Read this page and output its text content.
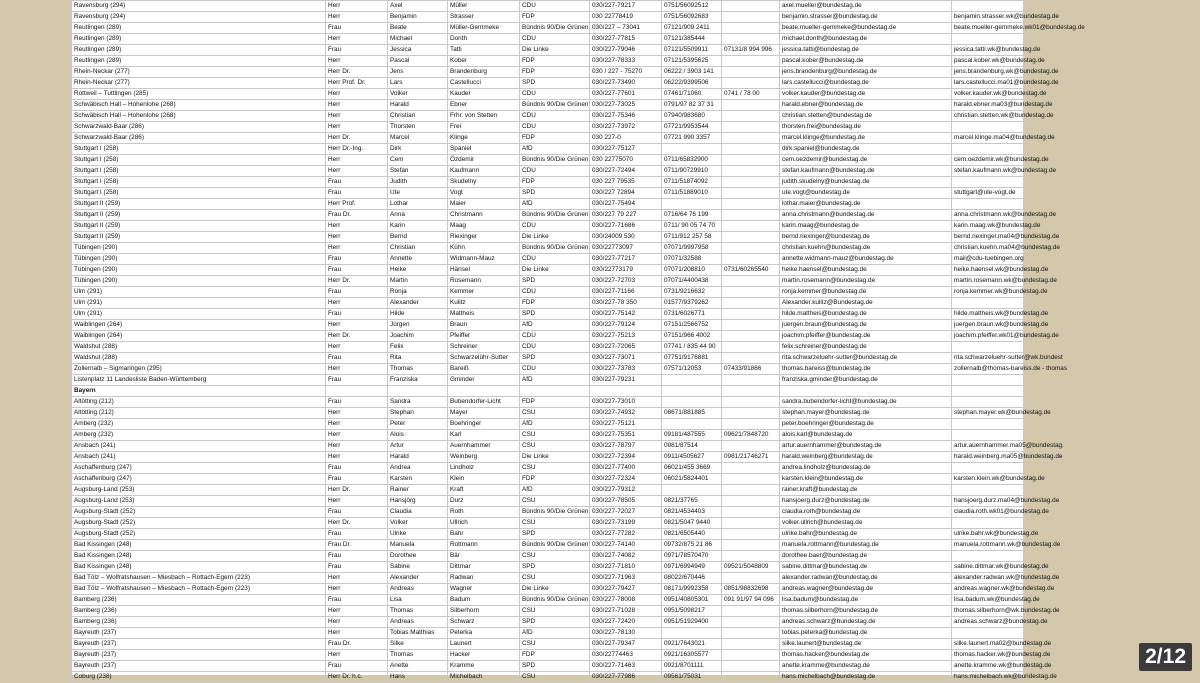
Ravensburg (294)	Herr	Axel	Müller	CDU	030/227-79217	0751/56092512		axel.mueller@bundestag.de	
Ravensburg (294)	Herr	Benjamin	Strasser	FDP	030 22778419	0751/56092683		benjamin.strasser@bundestag.de	benjamin.strasser.wk@bundestag.de
Reutlingen (289)	Frau	Beate	Müller-Gemmeke	Bündnis 90/Die Grünen	030/227 – 73041	07121/909 2411		beate.mueller-gemmeke@bundestag.de	beate.mueller-gemmeke.wk01@bundestag.de
Reutlingen (289)	Herr	Michael	Donth	CDU	030/227-77815	07121/385444		michael.donth@bundestag.de	
Reutlingen (289)	Frau	Jessica	Tatti	Die Linke	030/227-79046	07121/5509911	07131/8 994 996	jessica.tatti@bundestag.de	jessica.tatti.wk@bundestag.de
Reutlingen (289)	Herr	Pascal	Kober	FDP	030/227-78333	07121/5395625		pascal.kober@bundestag.de	pascal.kober.wk@bundestag.de
Rhein-Neckar (277)	Herr Dr.	Jens	Brandenburg	FDP	030 / 227 - 75270	06222 / 3903 141		jens.brandenburg@bundestag.de	jens.brandenburg.wk@bundestag.de
Rhein-Neckar (277)	Herr Prof. Dr.	Lars	Castellucci	SPD	030/227-73490	06222/9399506		lars.castellucci@bundestag.de	lars.castellucci.ma01@bundestag.de
Rottweil – Tuttlingen (285)	Herr	Volker	Kauder	CDU	030/227-77601	07461/71060	0741 / 78 00	volker.kauder@bundestag.de	volker.kauder.wk@bundestag.de
Schwäbisch Hall – Hohenlohe (268)	Herr	Harald	Ebner	Bündnis 90/Die Grünen	030/227-73025	0791/97 82 37 31		harald.ebner@bundestag.de	harald.ebner.ma03@bundestag.de
Schwäbisch Hall – Hohenlohe (268)	Herr	Christian	Frhr. von Stetten	CDU	030/227-75346	07940/983680		christian.stetten@bundestag.de	christian.stetten.wk@bundestag.de
Schwarzwald-Baar (286)	Herr	Thorsten	Frei	CDU	030/227-73972	07721/9953544		thorsten.frei@bundestag.de	
Schwarzwald-Baar (286)	Herr Dr.	Marcel	Klinge	FDP	030 227-0	07721 990 3357		marcel.klinge@bundestag.de	marcel.klinge.ma04@bundestag.de
Stuttgart I (258)	Herr Dr.-Ing.	Dirk	Spaniel	AfD	030/227-75127			dirk.spaniel@bundestag.de	
Stuttgart I (258)	Herr	Cem	Özdemir	Bündnis 90/Die Grünen	030 22775070	0711/65832900		cem.oezdemir@bundestag.de	cem.oezdemir.wk@bundestag.de
Stuttgart I (258)	Herr	Stefan	Kaufmann	CDU	030/227-72494	0711/90729910		stefan.kaufmann@bundestag.de	stefan.kaufmann.wk@bundestag.de
Stuttgart I (258)	Frau	Judith	Skudelny	FDP	030 227 79535	0711/51874092		judith.skudelny@bundestag.de	
Stuttgart I (258)	Frau	Ute	Vogt	SPD	030/227 72894	0711/51889010		ute.vogt@bundestag.de	stuttgart@ute-vogt.de
Stuttgart II (259)	Herr Prof.	Lothar	Maier	AfD	030/227-75494			lothar.maier@bundestag.de	
Stuttgart II (259)	Frau Dr.	Anna	Christmann	Bündnis 90/Die Grünen	030/227 79 227	0716/64 76 199		anna.christmann@bundestag.de	anna.christmann.wk@bundestag.de
Stuttgart II (259)	Herr	Karin	Maag	CDU	030/227-71686	0711/ 90 05 74 70		karin.maag@bundestag.de	karin.maag.wk@bundestag.de
Stuttgart II (259)	Herr	Bernd	Riexinger	Die Linke	030/24009 530	0711/912 257 58		bernd.riexinger@bundestag.de	bernd.riexinger.ma04@bundestag.de
Tübingen (290)	Herr	Christian	Kühn	Bündnis 90/Die Grünen	030/22773097	07071/9997958		christian.kuehn@bundestag.de	christian.kuehn.ma04@bundestag.de
Tübingen (290)	Frau	Annette	Widmann-Mauz	CDU	030/227-77217	07071/32588		annette.widmann-mauz@bundestag.de	mail@cdu-tuebingen.org
Tübingen (290)	Frau	Heike	Hänsel	Die Linke	030/22773179	07071/208810	0731/60265540	heike.haensel@bundestag.de	heike.haensel.wk@bundestag.de
Tübingen (290)	Herr Dr.	Martin	Rosemann	SPD	030/227-72703	07071/4400438		martin.rosemann@bundestag.de	martin.rosemann.wk@bundestag.de
Ulm (291)	Frau	Ronja	Kemmer	CDU	030/227-71166	0731/9216632		ronja.kemmer@bundestag.de	ronja.kemmer.wk@bundestag.de
Ulm (291)	Herr	Alexander	Kulitz	FDP	030/227-78 350	01577/9379262		Alexander.kulitz@Bundestag.de	
Ulm (291)	Frau	Hilde	Mattheis	SPD	030/227-75142	0731/6026771		hilde.mattheis@bundestag.de	hilde.mattheis.wk@bundestag.de
Waiblingen (264)	Herr	Jürgen	Braun	AfD	030/227-79124	07151/2566752		juergen.braun@bundestag.de	juergen.braun.wk@bundestag.de
Waiblingen (264)	Herr Dr.	Joachim	Pfeiffer	CDU	030/227-75213	07151/966 4002		joachim.pfeiffer@bundestag.de	joachim.pfeiffer.wk01@bundestag.de
Waldshut (288)	Herr	Felix	Schreiner	CDU	030/227-72065	07741 / 835 44 90		felix.schreiner@bundestag.de	
Waldshut (288)	Frau	Rita	Schwarzelühr-Sutter	SPD	030/227-73071	07751/9176881		rita.schwarzeluehr-sutter@bundestag.de	rita.schwarzeluehr-sutter@wk.bundest
Zollernalb – Sigmaringen (295)	Herr	Thomas	Bareiß	CDU	030/227-73783	07571/12053	07433/91866	thomas.bareiss@bundestag.de	zollernalb@thomas-bareiss.de - thomas
Listenplatz 11 Landesliste Baden-Württemberg	Frau	Franziska	Gminder	AfD	030/227-79231			franziska.gminder@bundestag.de	
Bayern									
Altötting (212)	Frau	Sandra	Bubendorfer-Licht	FDP	030/227-73010			sandra.bubendorfer-licht@bundestag.de	
Altötting (212)	Herr	Stephan	Mayer	CSU	030/227-74932	08671/881885		stephan.mayer@bundestag.de	stephan.mayer.wk@bundestag.de
Amberg (232)	Herr	Peter	Boehringer	AfD	030/227-75121			peter.boehringer@bundestag.de	
Amberg (232)	Herr	Alois	Karl	CSU	030/227-75351	09181/487555	09621/7848720	alois.karl@bundestag.de	
Ansbach (241)	Herr	Artur	Auernhammer	CSU	030/227-78797	0981/87514		artur.auernhammer@bundestag.de	artur.auernhammer.ma05@bundestag.
Ansbach (241)	Herr	Harald	Weinberg	Die Linke	030/227-72394	0911/4505627	0981/21746271	harald.weinberg@bundestag.de	harald.weinberg.ma05@bundestag.de
Aschaffenburg (247)	Frau	Andrea	Lindholz	CSU	030/227-77400	06021/455 3669		andrea.lindholz@bundestag.de	
Aschaffenburg (247)	Frau	Karsten	Klein	FDP	030/227-72324	06021/5824401		karsten.klein@bundestag.de	karsten.klein.wk@bundestag.de
Augsburg-Land (253)	Herr Dr.	Rainer	Kraft	AfD	030/227-79312			rainer.kraft@bundestag.de	
Augsburg-Land (253)	Herr	Hansjörg	Durz	CSU	030/227-78505	0821/37765		hansjoerg.durz@bundestag.de	hansjoerg.durz.ma04@bundestag.de
Augsburg-Stadt (252)	Frau	Claudia	Roth	Bündnis 90/Die Grünen	030/227-72027	0821/4534403		claudia.roth@bundestag.de	claudia.roth.wk01@bundestag.de
Augsburg-Stadt (252)	Herr Dr.	Volker	Ullrich	CSU	030/227-73199	0821/5047 9440		volker.ullrich@bundestag.de	
Augsburg-Stadt (252)	Frau	Ulrike	Bahr	SPD	030/227-77282	0821/6505440		ulrike.bahr@bundestag.de	ulrike.bahr.wk@bundestag.de
Bad Kissingen (248)	Frau Dr.	Manuela	Rottmann	Bündnis 90/Die Grünen	030/227-74140	09732/875 21 86		manuela.rottmann@bundestag.de	manuela.rottmann.wk@bundestag.de
Bad Kissingen (248)	Frau	Dorothee	Bär	CSU	030/227-74082	0971/78570470		dorothee.baer@bundestag.de	
Bad Kissingen (248)	Frau	Sabine	Dittmar	SPD	030/227-71810	0971/6994949	09521/5048809	sabine.dittmar@bundestag.de	sabine.dittmar.wk@bundestag.de
Bad Tölz – Wolfratshausen – Miesbach – Rottach-Egern (223)	Herr	Alexander	Radwan	CSU	030/227-71963	08022/670446		alexander.radwan@bundestag.de	alexander.radwan.wk@bundestag.de
Bad Tölz – Wolfratshausen – Miesbach – Rottach-Egern (223)	Herr	Andreas	Wagner	Die Linke	030/227-79427	08171/9992358	0851/98832698	andreas.wagner@bundestag.de	andreas.wagner.wk@bundestag.de
Bamberg (236)	Frau	Lisa	Badum	Bündnis 90/Die Grünen	030/227-78008	0951/40805301	091 91/97 94 096	lisa.badum@bundestag.de	lisa.badum.wk@bundestag.de
Bamberg (236)	Herr	Thomas	Silberhorn	CSU	030/227-71028	0951/5098217		thomas.silberhorn@bundestag.de	thomas.silberhorn@wk.bundestag.de
Bamberg (236)	Herr	Andreas	Schwarz	SPD	030/227-72420	0951/51929400		andreas.schwarz@bundestag.de	andreas.schwarz@bundestag.de
Bayreuth (237)	Herr	Tobias Matthias	Peterka	AfD	030/227-78130			tobias.peterka@bundestag.de	
Bayreuth (237)	Frau Dr.	Silke	Launert	CSU	030/227-79347	0921/7643021		silke.launert@bundestag.de	silke.launert.ma02@bundestag.de
Bayreuth (237)	Herr	Thomas	Hacker	FDP	030/22774463	0921/16305577		thomas.hacker@bundestag.de	thomas.hacker.wk@bundestag.de
Bayreuth (237)	Frau	Anette	Kramme	SPD	030/227-71463	0921/8701111		anette.kramme@bundestag.de	anette.kramme.wk@bundestag.de
Coburg (238)	Herr Dr. h.c.	Hans	Michelbach	CSU	030/227-77986	09561/75031		hans.michelbach@bundestag.de	hans.michelbach.wk@bundestag.de
2/12
